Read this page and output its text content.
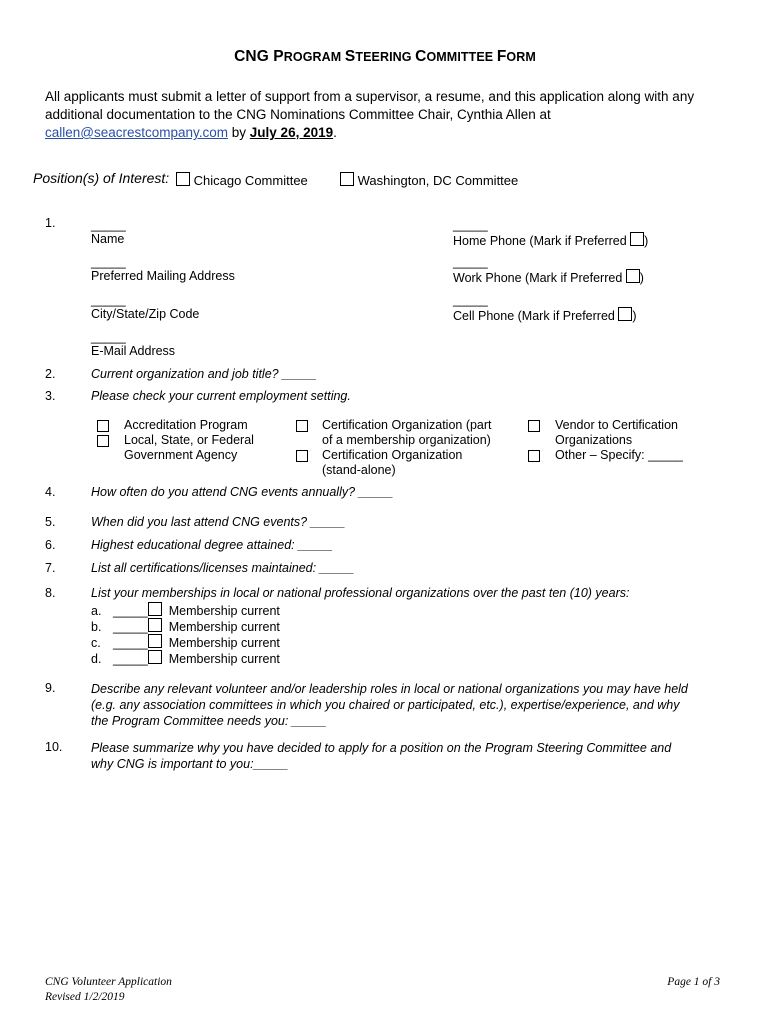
CNG PROGRAM STEERING COMMITTEE FORM
All applicants must submit a letter of support from a supervisor, a resume, and this application along with any additional documentation to the CNG Nominations Committee Chair, Cynthia Allen at callen@seacrestcompany.com by July 26, 2019.
Position(s) of Interest:	Chicago Committee	Washington, DC Committee
1.	_____
Name
_____
Home Phone (Mark if Preferred )
_____
Preferred Mailing Address
_____
Work Phone (Mark if Preferred )
_____
City/State/Zip Code
_____
Cell Phone (Mark if Preferred )
_____
E-Mail Address
2.	Current organization and job title? _____
3.	Please check your current employment setting.
Accreditation Program
Local, State, or Federal
Government Agency
Certification Organization (part
of a membership organization)
Certification Organization
(stand-alone)
Vendor to Certification
Organizations
Other – Specify: _____
4.	How often do you attend CNG events annually? _____
5.	When did you last attend CNG events? _____
6.	Highest educational degree attained: _____
7.	List all certifications/licenses maintained: _____
8.	List your memberships in local or national professional organizations over the past ten (10) years:
a. _____ Membership current
b. _____ Membership current
c. _____ Membership current
d. _____ Membership current
9.	Describe any relevant volunteer and/or leadership roles in local or national organizations you may have held (e.g. any association committees in which you chaired or participated, etc.), expertise/experience, and why the Program Committee needs you: _____
10.	Please summarize why you have decided to apply for a position on the Program Steering Committee and why CNG is important to you:_____
CNG Volunteer Application
Revised 1/2/2019
Page 1 of 3
